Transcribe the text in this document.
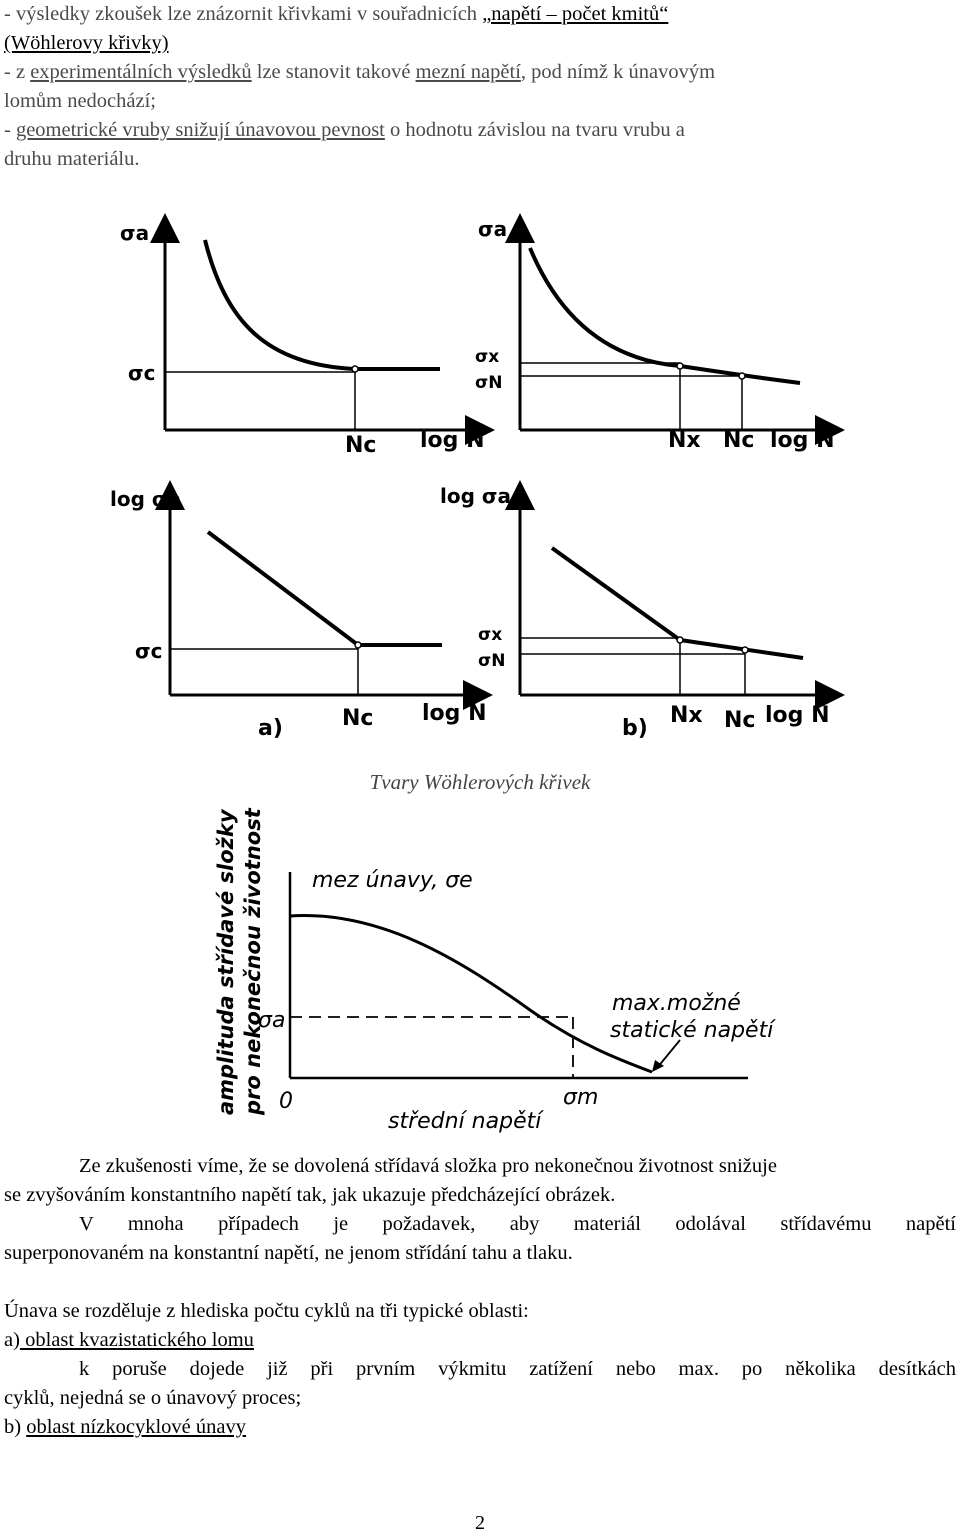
- výsledky zkoušek lze znázornit křivkami v souřadnicích „napětí – počet kmitů“
(Wöhlerovy křivky)
- z experimentálních výsledků lze stanovit takové mezní napětí, pod nímž k únavovým
lomům nedochází;
- geometrické vruby snižují únavovou pevnost o hodnotu závislou na tvaru vrubu a
druhu materiálu.
σa
σc
Nc log N
σa
σx
σN
Nx Nc log N
log σa
σc
a)	Nc log N
log σa
σx
σN
b)
Nx Nc log N
Tvary Wöhlerových křivek
amplituda střídavé složky pro nekonečnou životnost mez únavy, σe
σa
0	σm
střední napětí
max.možné
statické napětí
Ze zkušenosti víme, že se dovolená střídavá složka pro nekonečnou životnost snižuje
se zvyšováním konstantního napětí tak, jak ukazuje předcházející obrázek.
V mnoha případech je požadavek, aby materiál odolával střídavému napětí
superponovaném na konstantní napětí, ne jenom střídání tahu a tlaku.
Únava se rozděluje z hlediska počtu cyklů na tři typické oblasti:
a) oblast kvazistatického lomu
k poruše dojede již při prvním výkmitu zatížení nebo max. po několika desítkách
cyklů, nejedná se o únavový proces;
b) oblast nízkocyklové únavy
2
